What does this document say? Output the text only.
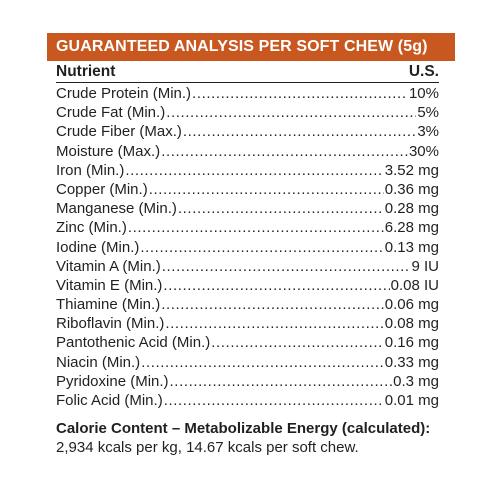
GUARANTEED ANALYSIS PER SOFT CHEW (5g)
Nutrient	U.S.
Crude Protein (Min.) .....	10%
Crude Fat (Min.) .....	5%
Crude Fiber (Max.) .....	3%
Moisture (Max.) .....	30%
Iron (Min.) .....	3.52 mg
Copper (Min.) .....	0.36 mg
Manganese (Min.) .....	0.28 mg
Zinc (Min.) .....	6.28 mg
Iodine (Min.) .....	0.13 mg
Vitamin A (Min.) .....	9 IU
Vitamin E (Min.) .....	0.08 IU
Thiamine (Min.) .....	0.06 mg
Riboflavin (Min.) .....	0.08 mg
Pantothenic Acid (Min.) .....	0.16 mg
Niacin (Min.) .....	0.33 mg
Pyridoxine (Min.) .....	0.3 mg
Folic Acid (Min.) .....	0.01 mg
Calorie Content – Metabolizable Energy (calculated):
2,934 kcals per kg, 14.67 kcals per soft chew.
